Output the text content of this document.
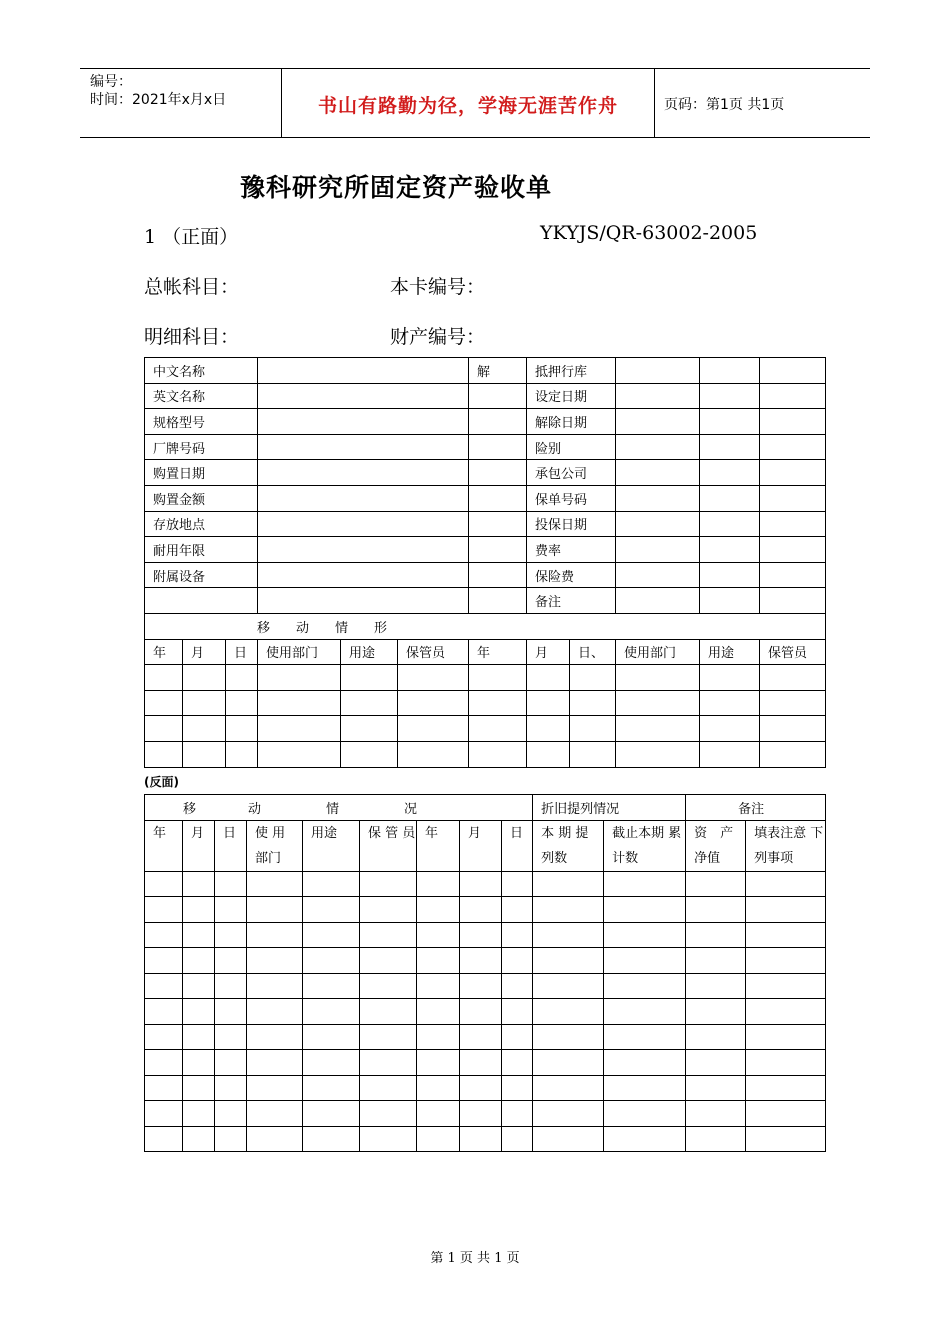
编号：
时间：2021年x月x日	书山有路勤为径，学海无涯苦作舟	页码：第1页 共1页
豫科研究所固定资产验收单
1 （正面）	YKYJS/QR-63002-2005
总帐科目：	本卡编号：
明细科目：	财产编号：
中文名称						解	抵押行库				
英文名称							设定日期				
规格型号							解除日期				
厂牌号码							险别				
购置日期							承包公司				
购置金额							保单号码				
存放地点							投保日期				
耐用年限							费率				
附属设备							保险费				
							备注				
移　　动　　情　　形											
年	月	日	使用部门	用途	保管员	年	月	日、	使用部门	用途	保管员

(反面)
移　　　　动　　　　　情　　　　　况									折旧提列情况		备注	
年	月	日	使 用 部门	用途	保 管 员	年	月	日	本 期 提 列数	截止本期 累计数	资　产 净值	填表注意 下列事项

第 1 页 共 1 页
